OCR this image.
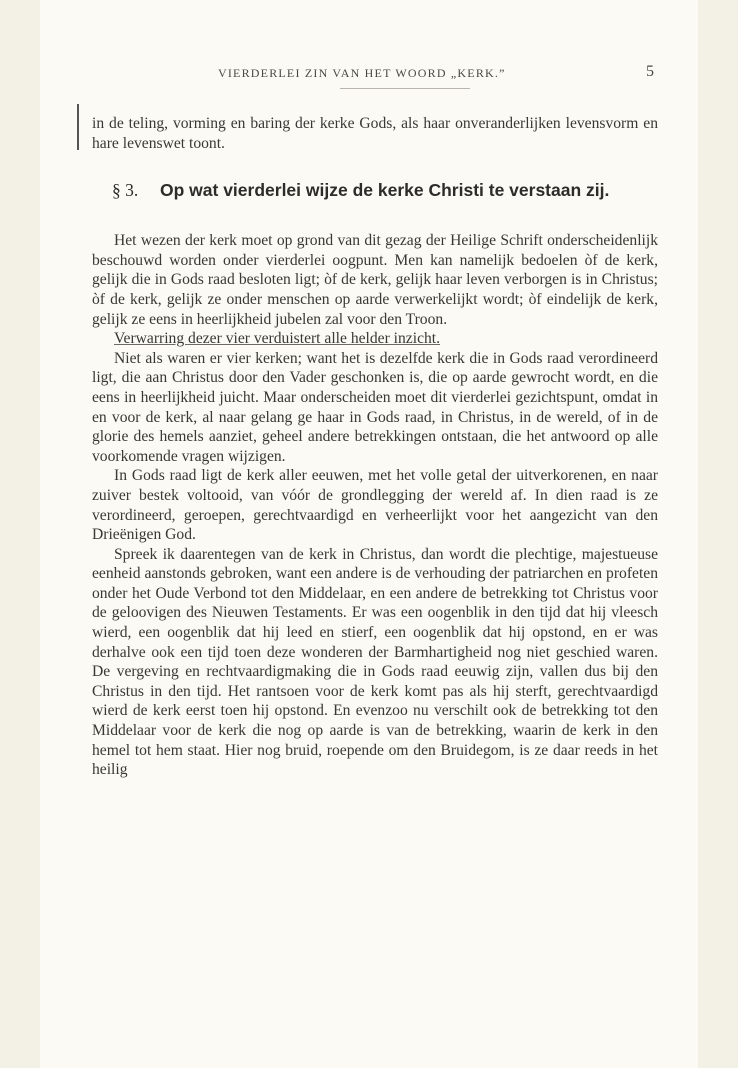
VIERDERLEI ZIN VAN HET WOORD „KERK.”	5

in de teling, vorming en baring der kerke Gods, als haar onveranderlijken levensvorm en hare levenswet toont.

§ 3. Op wat vierderlei wijze de kerke Christi te verstaan zij.

Het wezen der kerk moet op grond van dit gezag der Heilige Schrift onderscheidenlijk beschouwd worden onder vierderlei oogpunt. Men kan namelijk bedoelen òf de kerk, gelijk die in Gods raad besloten ligt; òf de kerk, gelijk haar leven verborgen is in Christus; òf de kerk, gelijk ze onder menschen op aarde verwerkelijkt wordt; òf eindelijk de kerk, gelijk ze eens in heerlijkheid jubelen zal voor den Troon.

Verwarring dezer vier verduistert alle helder inzicht.

Niet als waren er vier kerken; want het is dezelfde kerk die in Gods raad verordineerd ligt, die aan Christus door den Vader geschonken is, die op aarde gewrocht wordt, en die eens in heerlijkheid juicht. Maar onderscheiden moet dit vierderlei gezichtspunt, omdat in en voor de kerk, al naar gelang ge haar in Gods raad, in Christus, in de wereld, of in de glorie des hemels aanziet, geheel andere betrekkingen ontstaan, die het antwoord op alle voorkomende vragen wijzigen.

In Gods raad ligt de kerk aller eeuwen, met het volle getal der uitverkorenen, en naar zuiver bestek voltooid, van vóór de grondlegging der wereld af. In dien raad is ze verordineerd, geroepen, gerechtvaardigd en verheerlijkt voor het aangezicht van den Drieënigen God.

Spreek ik daarentegen van de kerk in Christus, dan wordt die plechtige, majestueuse eenheid aanstonds gebroken, want een andere is de verhouding der patriarchen en profeten onder het Oude Verbond tot den Middelaar, en een andere de betrekking tot Christus voor de geloovigen des Nieuwen Testaments. Er was een oogenblik in den tijd dat hij vleesch wierd, een oogenblik dat hij leed en stierf, een oogenblik dat hij opstond, en er was derhalve ook een tijd toen deze wonderen der Barmhartigheid nog niet geschied waren. De vergeving en rechtvaardigmaking die in Gods raad eeuwig zijn, vallen dus bij den Christus in den tijd. Het rantsoen voor de kerk komt pas als hij sterft, gerechtvaardigd wierd de kerk eerst toen hij opstond. En evenzoo nu verschilt ook de betrekking tot den Middelaar voor de kerk die nog op aarde is van de betrekking, waarin de kerk in den hemel tot hem staat. Hier nog bruid, roepende om den Bruidegom, is ze daar reeds in het heilig
